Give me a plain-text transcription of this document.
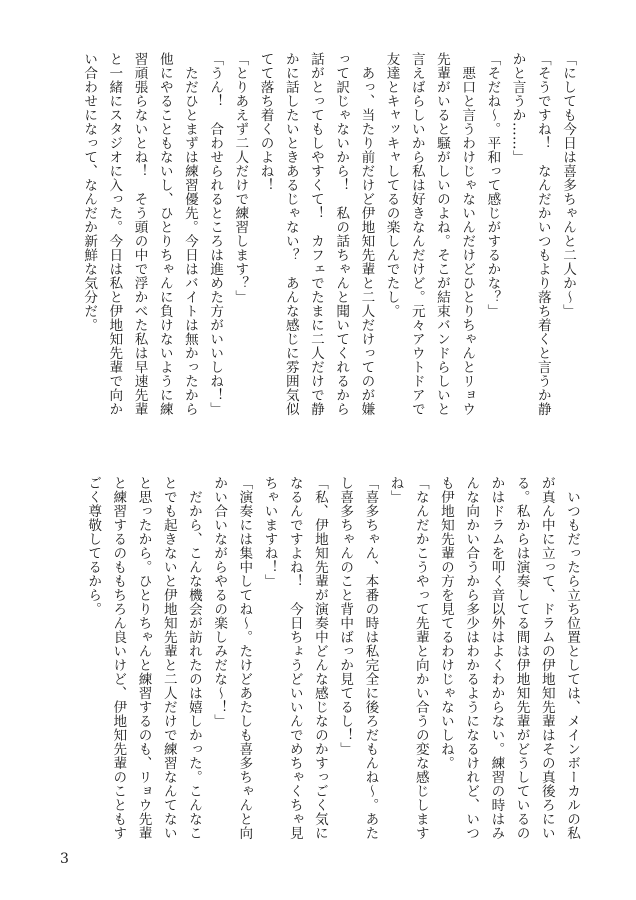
「にしても今日は喜多ちゃんと二人か〜」
「そうですね！　なんだかいつもより落ち着くと言うか静
かと言うか……」
「そだね〜。平和って感じがするかな？」
　悪口と言うわけじゃないんだけどひとりちゃんとリョウ
先輩がいると騒がしいのよね。そこが結束バンドらしいと
言えばらしいから私は好きなんだけど。元々アウトドアで
友達とキャッキャしてるの楽しんでたし。
　あっ、当たり前だけど伊地知先輩と二人だけってのが嫌
って訳じゃないから！　私の話ちゃんと聞いてくれるから
話がとってもしやすくて！　カフェでたまに二人だけで静
かに話したいときあるじゃない？　あんな感じに雰囲気似
てて落ち着くのよね！
「とりあえず二人だけで練習します？」
「うん！　合わせられるところは進めた方がいいしね！」
　ただひとまずは練習優先。今日はバイトは無かったから
他にやることもないし、ひとりちゃんに負けないように練
習頑張らないとね！　そう頭の中で浮かべた私は早速先輩
と一緒にスタジオに入った。今日は私と伊地知先輩で向か
い合わせになって、なんだか新鮮な気分だ。
　いつもだったら立ち位置としては、メインボーカルの私
が真ん中に立って、ドラムの伊地知先輩はその真後ろにい
る。私からは演奏してる間は伊地知先輩がどうしているの
かはドラムを叩く音以外はよくわからない。練習の時はみ
んな向かい合うから多少はわかるようになるけれど、いつ
も伊地知先輩の方を見てるわけじゃないしね。
「なんだかこうやって先輩と向かい合うの変な感じします
ね」
「喜多ちゃん、本番の時は私完全に後ろだもんね〜。あた
し喜多ちゃんのこと背中ばっか見てるし！」
「私、伊地知先輩が演奏中どんな感じなのかすっごく気に
なるんですよね！　今日ちょうどいいんでめちゃくちゃ見
ちゃいますね！」
「演奏には集中してね〜。たけどあたしも喜多ちゃんと向
かい合いながらやるの楽しみだな〜！」
　だから、こんな機会が訪れたのは嬉しかった。こんなこ
とでも起きないと伊地知先輩と二人だけで練習なんてない
と思ったから。ひとりちゃんと練習するのも、リョウ先輩
と練習するのももちろん良いけど、伊地知先輩のこともす
ごく尊敬してるから。
3
